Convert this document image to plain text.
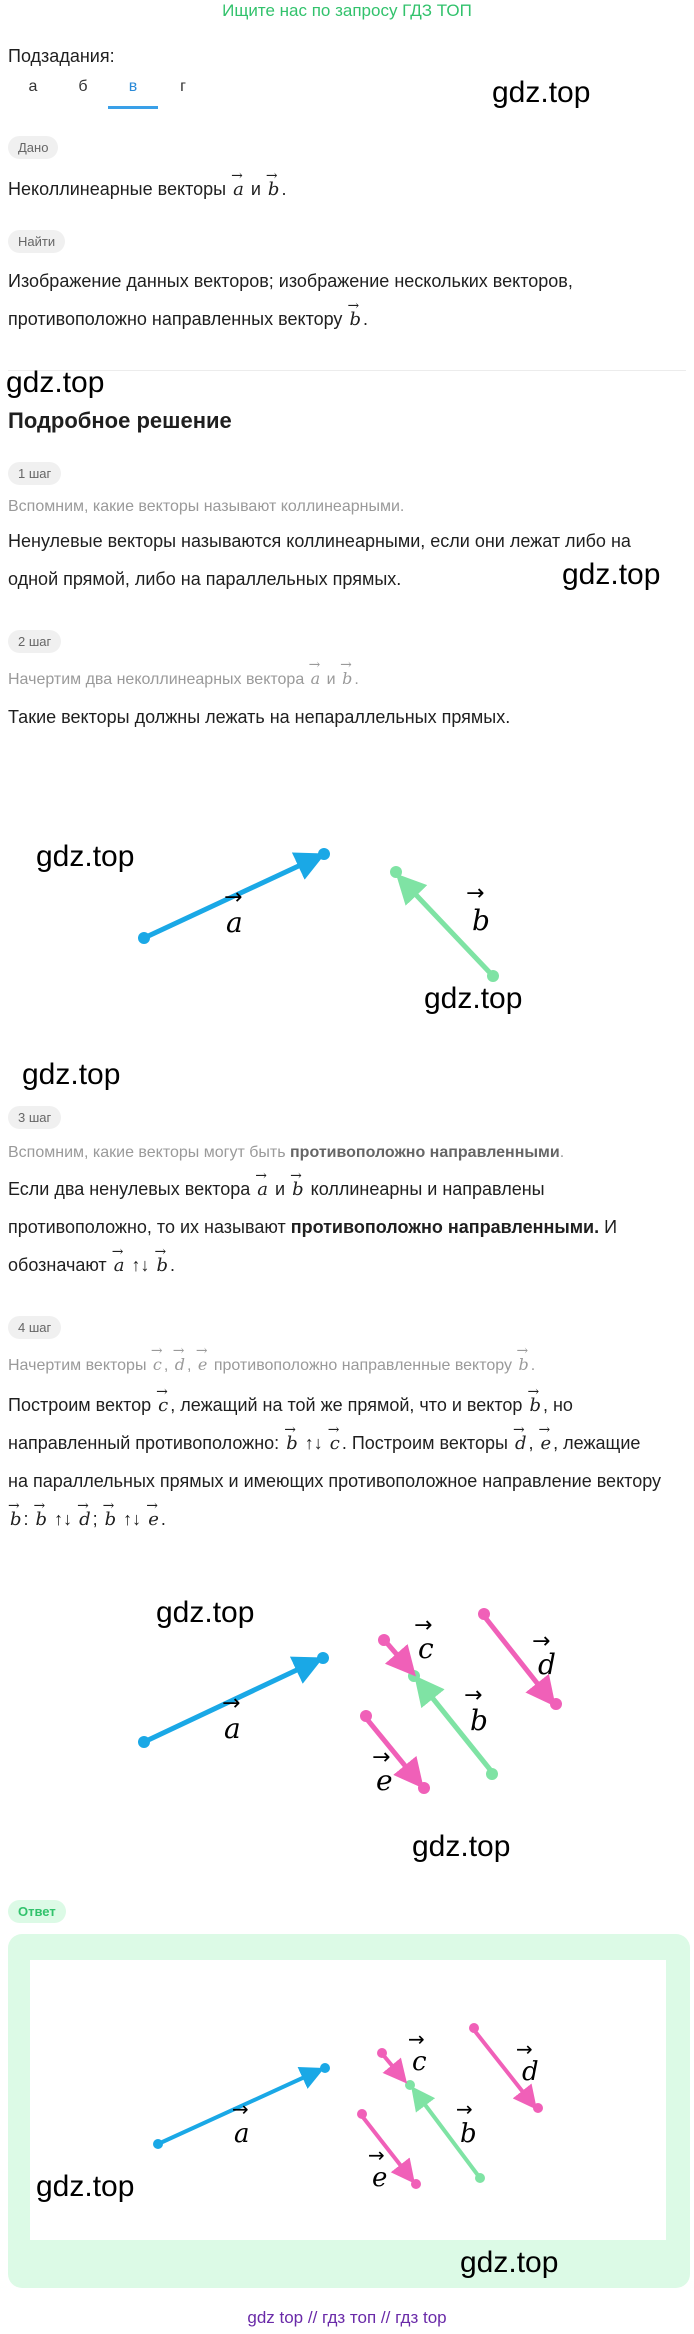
Ищите нас по запросу ГДЗ ТОП
Подзадания:
а	б	в	г	gdz.top
Дано
Неколлинеарные векторы → a и → b .
Найти
Изображение данных векторов; изображение нескольких векторов,
противоположно направленных вектору → b .
gdz.top
Подробное решение
1 шаг
Вспомним, какие векторы называют коллинеарными.
Ненулевые векторы называются коллинеарными, если они лежат либо на
одной прямой, либо на параллельных прямых.	gdz.top
2 шаг
Начертим два неколлинеарных вектора → a и → b .
Такие векторы должны лежать на непараллельных прямых.
gdz.top
a
→
b
→
gdz.top
gdz.top
3 шаг
Вспомним, какие векторы могут быть противоположно направленными.
Если два ненулевых вектора → a и → b коллинеарны и направлены
противоположно, то их называют противоположно направленными. И
обозначают → a ↑↓ → b .
4 шаг
Начертим векторы → c , → d , → e противоположно направленные вектору → b .
Построим вектор → c , лежащий на той же прямой, что и вектор → b , но
направленный противоположно: → b ↑↓ → c . Построим векторы → d , → e , лежащие
на параллельных прямых и имеющих противоположное направление вектору
→ b : → b ↑↓ → d ; → b ↑↓ → e .
gdz.top
a
→
b
→
c
→
d
→
e
→
gdz.top
Ответ
a
→
b
→
c
→
d
→
e
→
gdz.top
gdz.top
gdz top // гдз топ // гдз top
